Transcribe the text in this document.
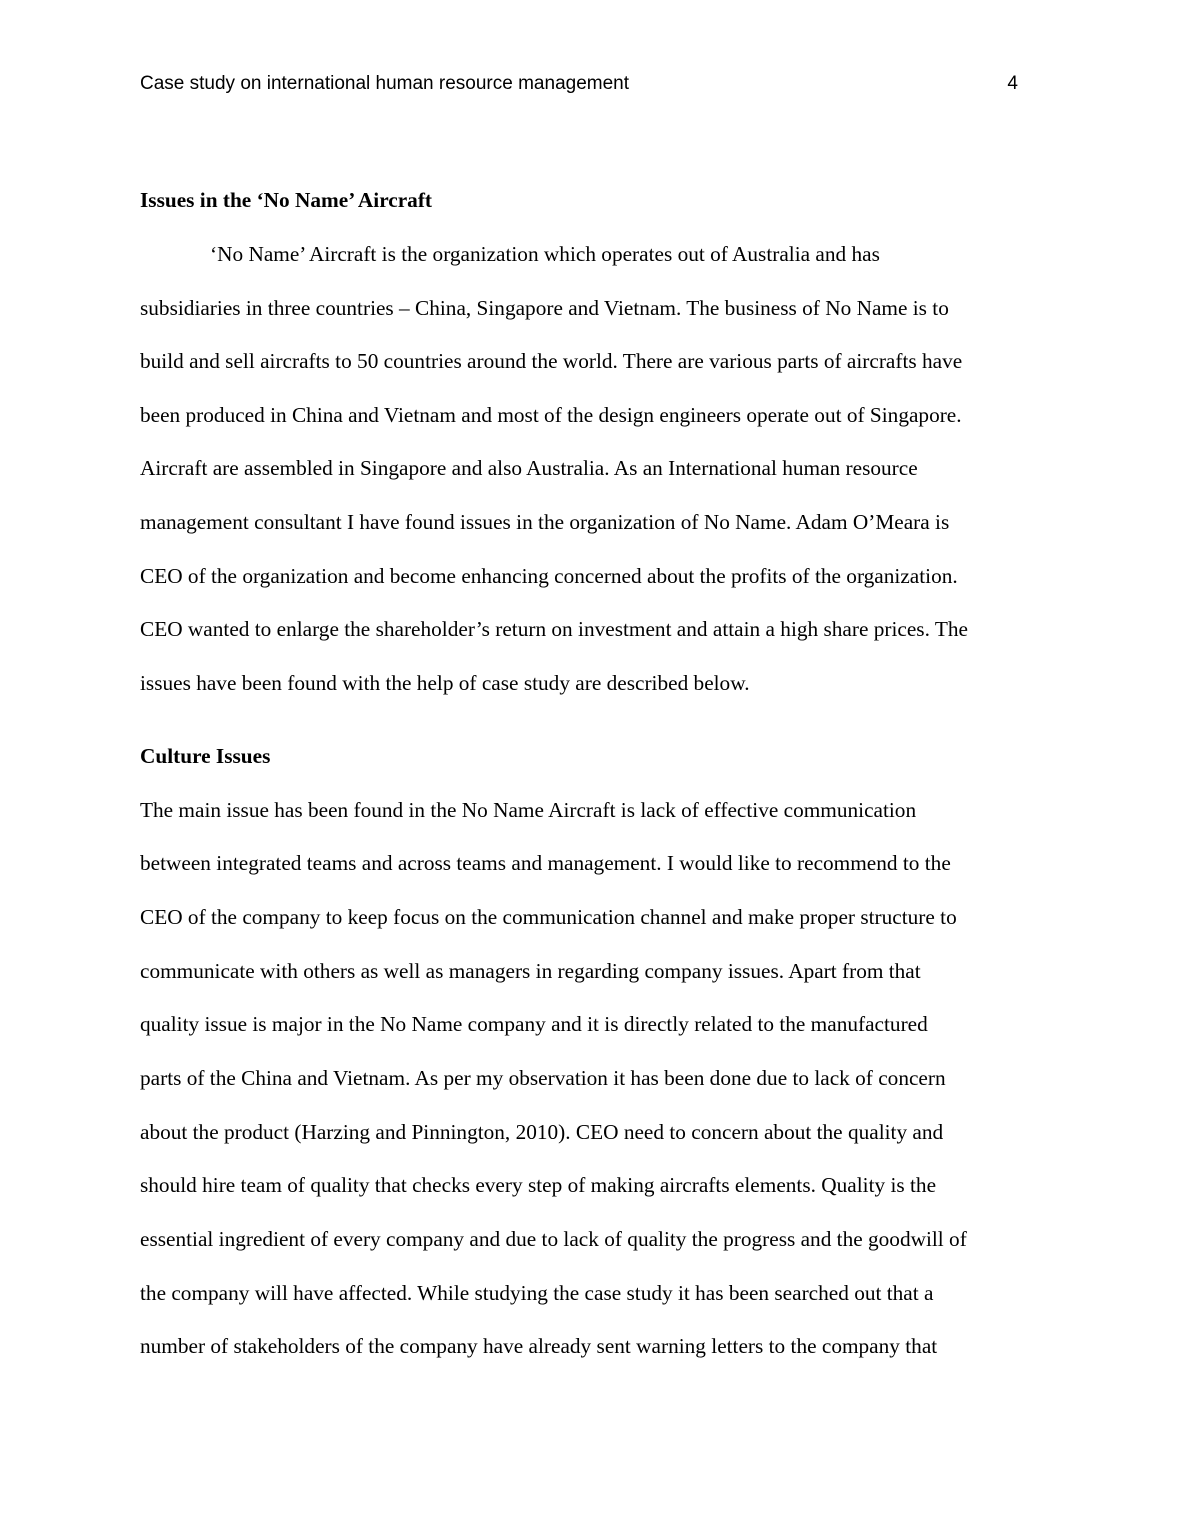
Case study on international human resource management	4
Issues in the ‘No Name’ Aircraft
‘No Name’ Aircraft is the organization which operates out of Australia and has
subsidiaries in three countries – China, Singapore and Vietnam. The business of No Name is to
build and sell aircrafts to 50 countries around the world. There are various parts of aircrafts have
been produced in China and Vietnam and most of the design engineers operate out of Singapore.
Aircraft are assembled in Singapore and also Australia. As an International human resource
management consultant I have found issues in the organization of No Name. Adam O’Meara is
CEO of the organization and become enhancing concerned about the profits of the organization.
CEO wanted to enlarge the shareholder’s return on investment and attain a high share prices. The
issues have been found with the help of case study are described below.
Culture Issues
The main issue has been found in the No Name Aircraft is lack of effective communication
between integrated teams and across teams and management. I would like to recommend to the
CEO of the company to keep focus on the communication channel and make proper structure to
communicate with others as well as managers in regarding company issues. Apart from that
quality issue is major in the No Name company and it is directly related to the manufactured
parts of the China and Vietnam. As per my observation it has been done due to lack of concern
about the product (Harzing and Pinnington, 2010). CEO need to concern about the quality and
should hire team of quality that checks every step of making aircrafts elements. Quality is the
essential ingredient of every company and due to lack of quality the progress and the goodwill of
the company will have affected. While studying the case study it has been searched out that a
number of stakeholders of the company have already sent warning letters to the company that
